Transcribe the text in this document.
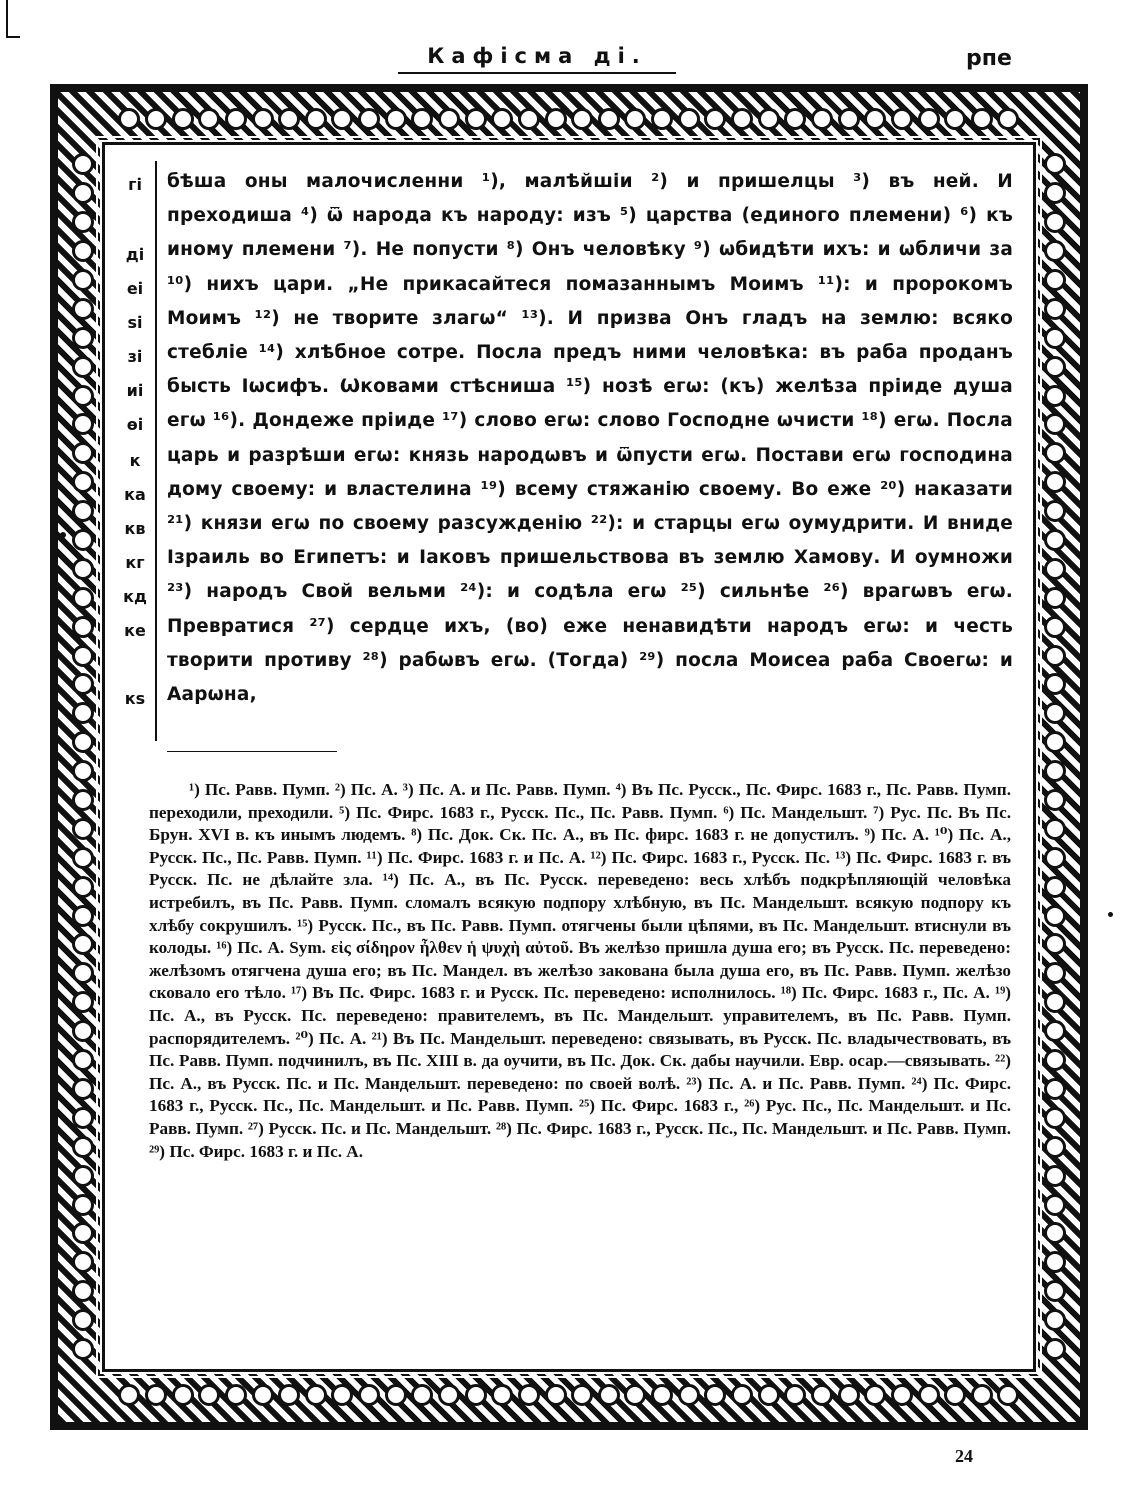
Кафісма ді.	рпе
гі
ді
еі
ѕі
зі
иі
ѳі
к
ка
кв
кг
кд
ке
кѕ
бѣша оны малочисленни ¹), малѣйшіи ²) и пришелцы ³) въ ней. И преходиша ⁴) ѿ народа къ народу: изъ ⁵) царства (единого племени) ⁶) къ иному племени ⁷). Не попусти ⁸) Онъ человѣку ⁹) ѡбидѣти ихъ: и ѡбличи за ¹⁰) нихъ цари. „Не прикасайтеся помазаннымъ Моимъ ¹¹): и пророкомъ Моимъ ¹²) не творите злагѡ“ ¹³). И призва Онъ гладъ на землю: всяко стебліе ¹⁴) хлѣбное сотре. Посла предъ ними человѣка: въ раба проданъ бысть Іѡсифъ. Ѡковами стѣсниша ¹⁵) нозѣ егѡ: (къ) желѣза пріиде душа егѡ ¹⁶). Дондеже пріиде ¹⁷) слово егѡ: слово Господне ѡчисти ¹⁸) егѡ. Посла царь и разрѣши егѡ: князь народѡвъ и ѿпусти егѡ. Постави егѡ господина дому своему: и властелина ¹⁹) всему стяжанію своему. Во еже ²⁰) наказати ²¹) князи егѡ по своему разсужденію ²²): и старцы егѡ оумудрити. И вниде Ізраиль во Египетъ: и Іаковъ пришельствова въ землю Хамову. И оумножи ²³) народъ Свой вельми ²⁴): и содѣла егѡ ²⁵) сильнѣе ²⁶) врагѡвъ егѡ. Превратися ²⁷) сердце ихъ, (во) еже ненавидѣти народъ егѡ: и честь творити противу ²⁸) рабѡвъ егѡ. (Тогда) ²⁹) посла Моисеа раба Своегѡ: и Аарѡна,
¹) Пс. Равв. Пумп. ²) Пс. А. ³) Пс. А. и Пс. Равв. Пумп. ⁴) Въ Пс. Русск., Пс. Фирс. 1683 г., Пс. Равв. Пумп. переходили, преходили. ⁵) Пс. Фирс. 1683 г., Русск. Пс., Пс. Равв. Пумп. ⁶) Пс. Мандельшт. ⁷) Рус. Пс. Въ Пс. Брун. XVI в. къ инымъ людемъ. ⁸) Пс. Док. Ск. Пс. А., въ Пс. фирс. 1683 г. не допустилъ. ⁹) Пс. А. ¹⁰) Пс. А., Русск. Пс., Пс. Равв. Пумп. ¹¹) Пс. Фирс. 1683 г. и Пс. А. ¹²) Пс. Фирс. 1683 г., Русск. Пс. ¹³) Пс. Фирс. 1683 г. въ Русск. Пс. не дѣлайте зла. ¹⁴) Пс. А., въ Пс. Русск. переведено: весь хлѣбъ подкрѣпляющій человѣка истребилъ, въ Пс. Равв. Пумп. сломалъ всякую подпору хлѣбную, въ Пс. Мандельшт. всякую подпору къ хлѣбу сокрушилъ. ¹⁵) Русск. Пс., въ Пс. Равв. Пумп. отягчены были цѣпями, въ Пс. Мандельшт. втиснули въ колоды. ¹⁶) Пс. А. Sym. εἰς σίδηρον ἦλθεν ἡ ψυχὴ αὐτοῦ. Въ желѣзо пришла душа его; въ Русск. Пс. переведено: желѣзомъ отягчена душа его; въ Пс. Мандел. въ желѣзо закована была душа его, въ Пс. Равв. Пумп. желѣзо сковало его тѣло. ¹⁷) Въ Пс. Фирс. 1683 г. и Русск. Пс. переведено: исполнилось. ¹⁸) Пс. Фирс. 1683 г., Пс. А. ¹⁹) Пс. А., въ Русск. Пс. переведено: правителемъ, въ Пс. Мандельшт. управителемъ, въ Пс. Равв. Пумп. распорядителемъ. ²⁰) Пс. А. ²¹) Въ Пс. Мандельшт. переведено: связывать, въ Русск. Пс. владычествовать, въ Пс. Равв. Пумп. подчинилъ, въ Пс. XIII в. да оучити, въ Пс. Док. Ск. дабы научили. Евр. осар.—связывать. ²²) Пс. А., въ Русск. Пс. и Пс. Мандельшт. переведено: по своей волѣ. ²³) Пс. А. и Пс. Равв. Пумп. ²⁴) Пс. Фирс. 1683 г., Русск. Пс., Пс. Мандельшт. и Пс. Равв. Пумп. ²⁵) Пс. Фирс. 1683 г., ²⁶) Рус. Пс., Пс. Мандельшт. и Пс. Равв. Пумп. ²⁷) Русск. Пс. и Пс. Мандельшт. ²⁸) Пс. Фирс. 1683 г., Русск. Пс., Пс. Мандельшт. и Пс. Равв. Пумп. ²⁹) Пс. Фирс. 1683 г. и Пс. А.
24
